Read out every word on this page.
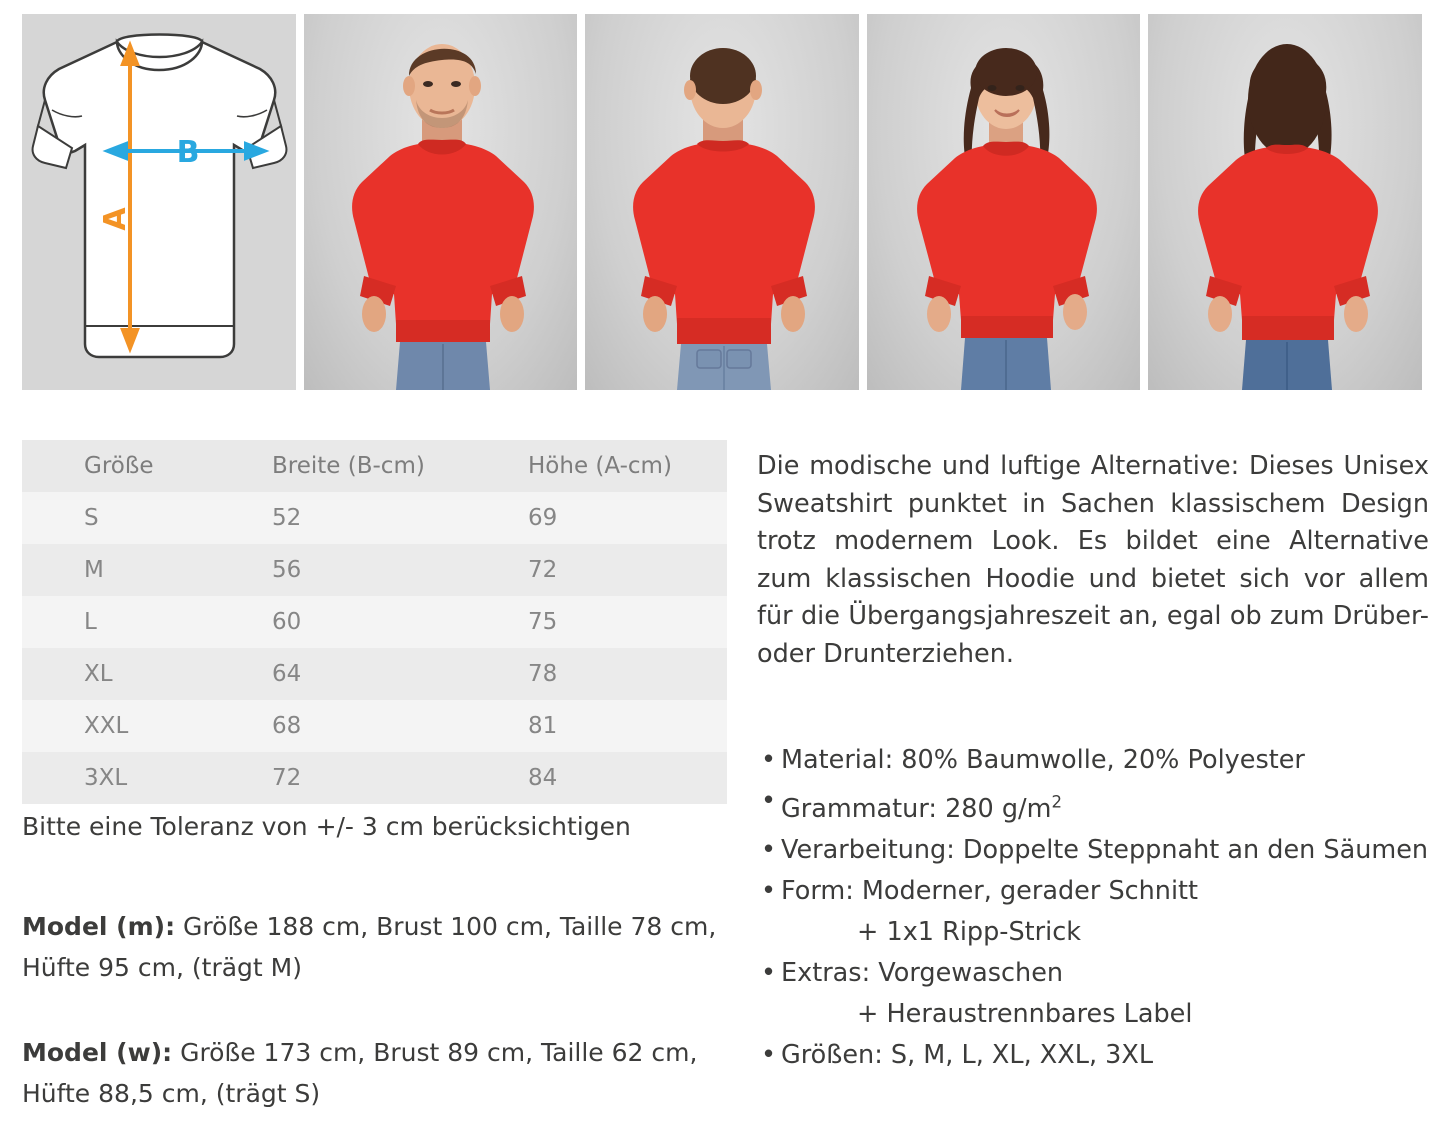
A
B
Größe	Breite (B-cm)	Höhe (A-cm)
S	52	69
M	56	72
L	60	75
XL	64	78
XXL	68	81
3XL	72	84
Bitte eine Toleranz von +/- 3 cm berücksichtigen
Model (m): Größe 188 cm, Brust 100 cm, Taille 78 cm, Hüfte 95 cm, (trägt M)
Model (w): Größe 173 cm, Brust 89 cm, Taille 62 cm, Hüfte 88,5 cm, (trägt S)
Die modische und luftige Alternative: Dieses Unisex Sweatshirt punktet in Sachen klassischem Design trotz modernem Look. Es bildet eine Alternative zum klassischen Hoodie und bietet sich vor allem für die Übergangsjahreszeit an, egal ob zum Drüber- oder Drunterziehen.
• Material: 80% Baumwolle, 20% Polyester
• Grammatur: 280 $g/m^2$
• Verarbeitung: Doppelte Steppnaht an den Säumen
• Form: Moderner, gerader Schnitt
+ 1x1 Ripp-Strick
• Extras: Vorgewaschen
+ Heraustrennbares Label
• Größen: S, M, L, XL, XXL, 3XL
